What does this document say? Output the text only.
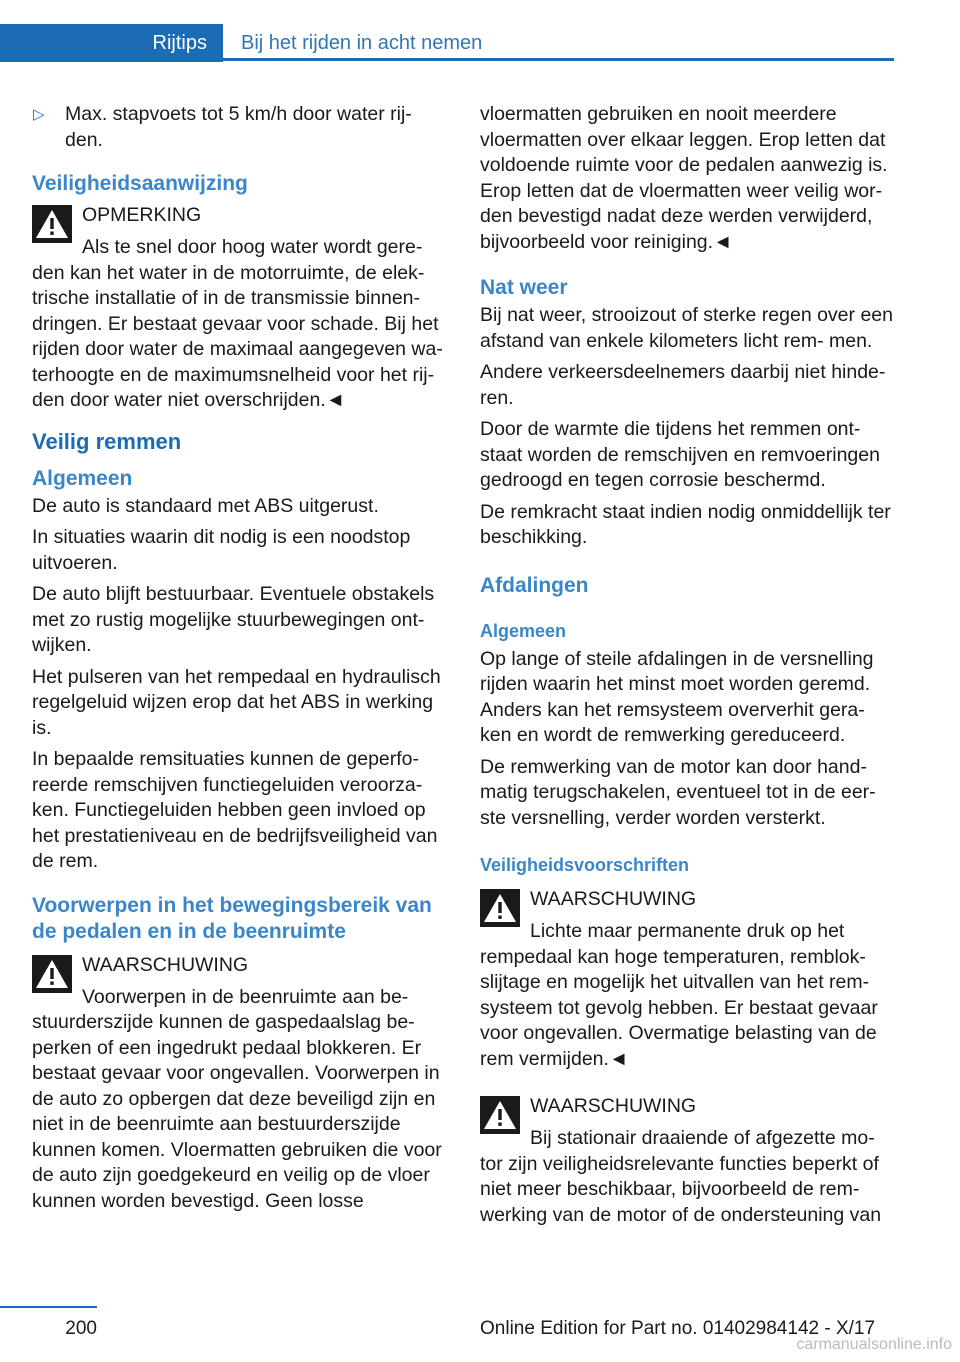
Rijtips	Bij het rijden in acht nemen
▷	Max. stapvoets tot 5 km/h door water rij- den.
Veiligheidsaanwijzing
OPMERKING
Als te snel door hoog water wordt gere- den kan het water in de motorruimte, de elek- trische installatie of in de transmissie binnen- dringen. Er bestaat gevaar voor schade. Bij het rijden door water de maximaal aangegeven wa- terhoogte en de maximumsnelheid voor het rij- den door water niet overschrijden.◄
Veilig remmen
Algemeen

De auto is standaard met ABS uitgerust.

In situaties waarin dit nodig is een noodstop uitvoeren.

De auto blijft bestuurbaar. Eventuele obstakels met zo rustig mogelijke stuurbewegingen ont- wijken.

Het pulseren van het rempedaal en hydraulisch regelgeluid wijzen erop dat het ABS in werking is.

In bepaalde remsituaties kunnen de geperfo- reerde remschijven functiegeluiden veroorza- ken. Functiegeluiden hebben geen invloed op het prestatieniveau en de bedrijfsveiligheid van de rem.

Voorwerpen in het bewegingsbereik van de pedalen en in de beenruimte
WAARSCHUWING
Voorwerpen in de beenruimte aan be- stuurderszijde kunnen de gaspedaalslag be- perken of een ingedrukt pedaal blokkeren. Er bestaat gevaar voor ongevallen. Voorwerpen in de auto zo opbergen dat deze beveiligd zijn en niet in de beenruimte aan bestuurderszijde kunnen komen. Vloermatten gebruiken die voor de auto zijn goedgekeurd en veilig op de vloer kunnen worden bevestigd. Geen losse

vloermatten gebruiken en nooit meerdere vloermatten over elkaar leggen. Erop letten dat voldoende ruimte voor de pedalen aanwezig is. Erop letten dat de vloermatten weer veilig wor- den bevestigd nadat deze werden verwijderd, bijvoorbeeld voor reiniging.◄

Nat weer

Bij nat weer, strooizout of sterke regen over een afstand van enkele kilometers licht rem- men.

Andere verkeersdeelnemers daarbij niet hinde- ren.

Door de warmte die tijdens het remmen ont- staat worden de remschijven en remvoeringen gedroogd en tegen corrosie beschermd.

De remkracht staat indien nodig onmiddellijk ter beschikking.

Afdalingen
Algemeen

Op lange of steile afdalingen in de versnelling rijden waarin het minst moet worden geremd. Anders kan het remsysteem oververhit gera- ken en wordt de remwerking gereduceerd.

De remwerking van de motor kan door hand- matig terugschakelen, eventueel tot in de eer- ste versnelling, verder worden versterkt.

Veiligheidsvoorschriften
WAARSCHUWING
Lichte maar permanente druk op het rempedaal kan hoge temperaturen, remblok- slijtage en mogelijk het uitvallen van het rem- systeem tot gevolg hebben. Er bestaat gevaar voor ongevallen. Overmatige belasting van de rem vermijden.◄
WAARSCHUWING
Bij stationair draaiende of afgezette mo- tor zijn veiligheidsrelevante functies beperkt of niet meer beschikbaar, bijvoorbeeld de rem- werking van de motor of de ondersteuning van
200	Online Edition for Part no. 01402984142 - X/17
carmanualsonline.info
